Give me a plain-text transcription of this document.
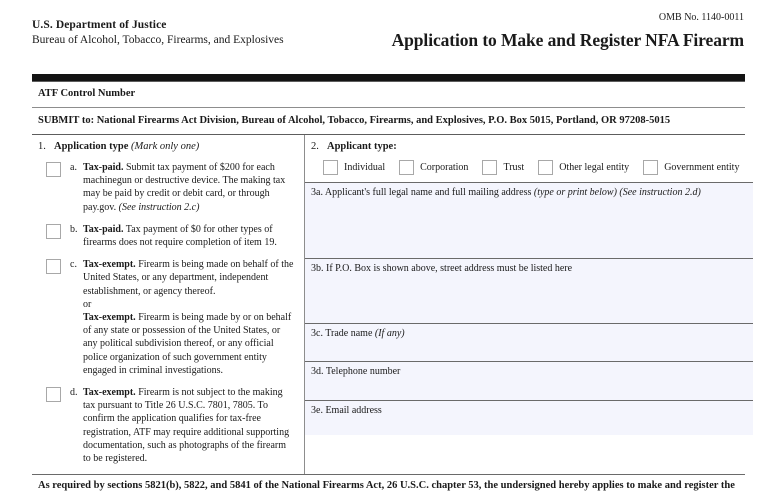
U.S. Department of Justice
Bureau of Alcohol, Tobacco, Firearms, and Explosives
OMB No. 1140-0011
Application to Make and Register NFA Firearm
ATF Control Number
SUBMIT to: National Firearms Act Division, Bureau of Alcohol, Tobacco, Firearms, and Explosives, P.O. Box 5015, Portland, OR 97208-5015
1. Application type (Mark only one)
a. Tax-paid. Submit tax payment of $200 for each machinegun or destructive device. The making tax may be paid by credit or debit card, or through pay.gov. (See instruction 2.c)
b. Tax-paid. Tax payment of $0 for other types of firearms does not require completion of item 19.
c. Tax-exempt. Firearm is being made on behalf of the United States, or any department, independent establishment, or agency thereof.
or
Tax-exempt. Firearm is being made by or on behalf of any state or possession of the United States, or any political subdivision thereof, or any official police organization of such government entity engaged in criminal investigations.
d. Tax-exempt. Firearm is not subject to the making tax pursuant to Title 26 U.S.C. 7801, 7805. To confirm the application qualifies for tax-free registration, ATF may require additional supporting documentation, such as photographs of the firearm to be registered.
2. Applicant type:
Individual	Corporation	Trust	Other legal entity	Government entity
3a. Applicant's full legal name and full mailing address (type or print below) (See instruction 2.d)
3b. If P.O. Box is shown above, street address must be listed here
3c. Trade name (If any)
3d. Telephone number
3e. Email address
As required by sections 5821(b), 5822, and 5841 of the National Firearms Act, 26 U.S.C. chapter 53, the undersigned hereby applies to make and register the
